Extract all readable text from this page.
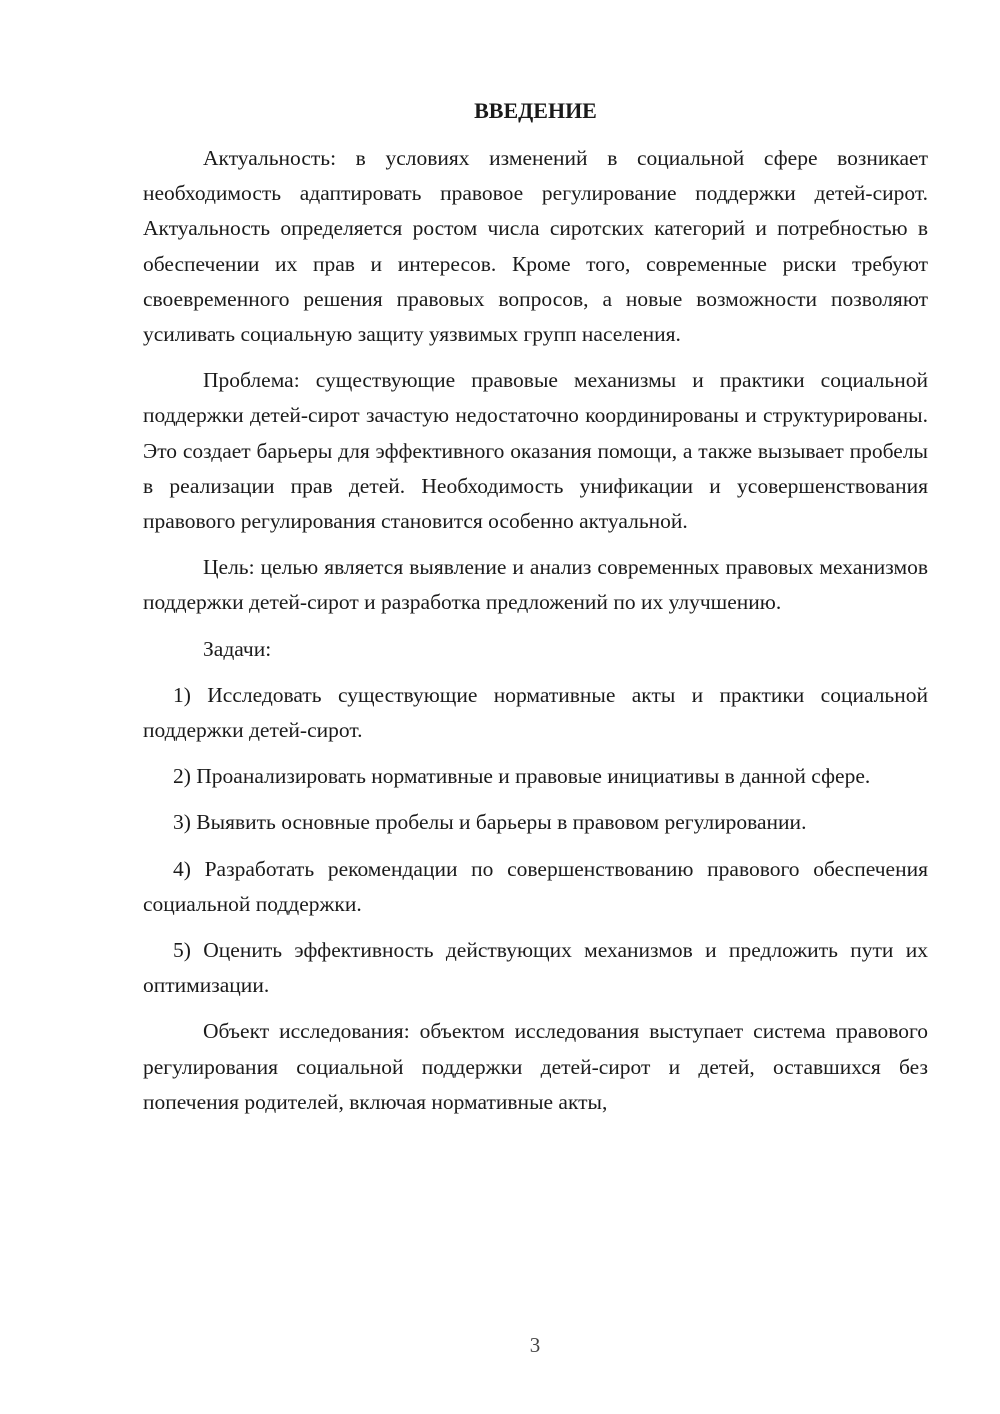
ВВЕДЕНИЕ

Актуальность: в условиях изменений в социальной сфере возникает необходимость адаптировать правовое регулирование поддержки детей-сирот. Актуальность определяется ростом числа сиротских категорий и потребностью в обеспечении их прав и интересов. Кроме того, современные риски требуют своевременного решения правовых вопросов, а новые возможности позволяют усиливать социальную защиту уязвимых групп населения.

Проблема: существующие правовые механизмы и практики социальной поддержки детей-сирот зачастую недостаточно координированы и структурированы. Это создает барьеры для эффективного оказания помощи, а также вызывает пробелы в реализации прав детей. Необходимость унификации и усовершенствования правового регулирования становится особенно актуальной.

Цель: целью является выявление и анализ современных правовых механизмов поддержки детей-сирот и разработка предложений по их улучшению.

Задачи:

1) Исследовать существующие нормативные акты и практики социальной поддержки детей-сирот.

2) Проанализировать нормативные и правовые инициативы в данной сфере.

3) Выявить основные пробелы и барьеры в правовом регулировании.

4) Разработать рекомендации по совершенствованию правового обеспечения социальной поддержки.

5) Оценить эффективность действующих механизмов и предложить пути их оптимизации.

Объект исследования: объектом исследования выступает система правового регулирования социальной поддержки детей-сирот и детей, оставшихся без попечения родителей, включая нормативные акты,

3
